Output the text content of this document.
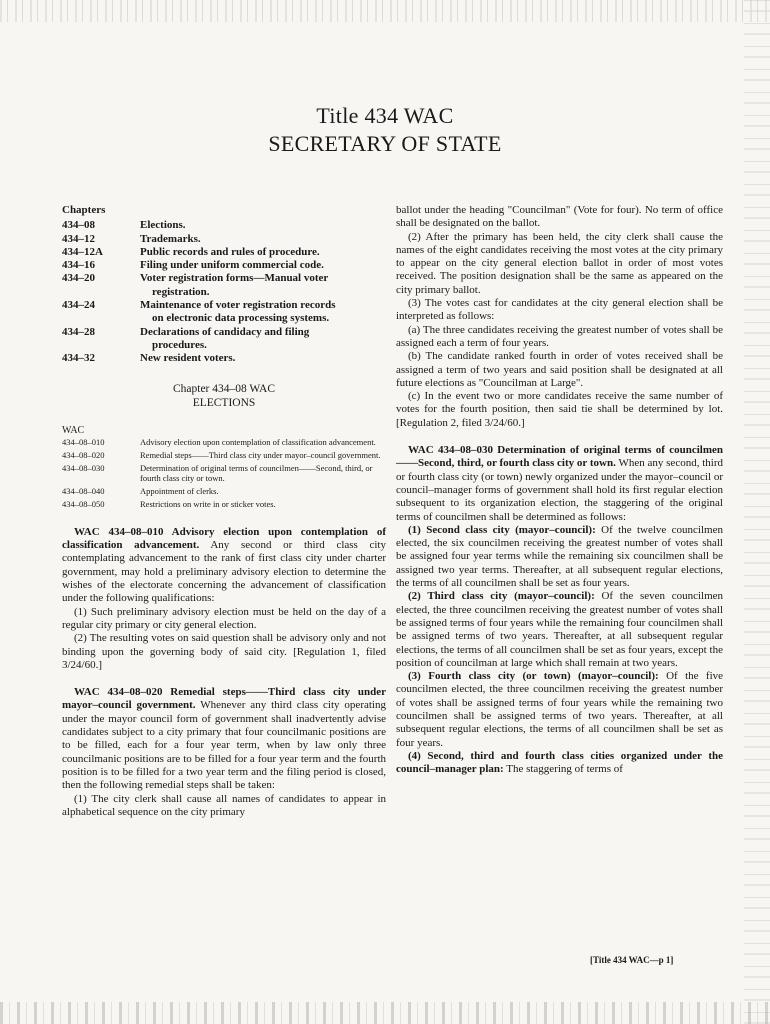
Title 434 WAC
SECRETARY OF STATE
Chapters
434–08	Elections.
434–12	Trademarks.
434–12A	Public records and rules of procedure.
434–16	Filing under uniform commercial code.
434–20	Voter registration forms—Manual voter
registration.
434–24	Maintenance of voter registration records
on electronic data processing systems.
434–28	Declarations of candidacy and filing
procedures.
434–32	New resident voters.
Chapter 434–08 WAC
ELECTIONS
WAC
434–08–010	Advisory election upon contemplation of classification advancement.
434–08–020	Remedial steps——Third class city under mayor–council government.
434–08–030	Determination of original terms of councilmen——Second, third, or fourth class city or town.
434–08–040	Appointment of clerks.
434–08–050	Restrictions on write in or sticker votes.

WAC 434–08–010 Advisory election upon contemplation of classification advancement. Any second or third class city contemplating advancement to the rank of first class city under charter government, may hold a preliminary advisory election to determine the wishes of the electorate concerning the advancement of classification under the following qualifications:

(1) Such preliminary advisory election must be held on the day of a regular city primary or city general election.

(2) The resulting votes on said question shall be advisory only and not binding upon the governing body of said city. [Regulation 1, filed 3/24/60.]

WAC 434–08–020 Remedial steps——Third class city under mayor–council government. Whenever any third class city operating under the mayor council form of government shall inadvertently advise candidates subject to a city primary that four councilmanic positions are to be filled, each for a four year term, when by law only three councilmanic positions are to be filled for a four year term and the fourth position is to be filled for a two year term and the filing period is closed, then the following remedial steps shall be taken:

(1) The city clerk shall cause all names of candidates to appear in alphabetical sequence on the city primary

ballot under the heading "Councilman" (Vote for four). No term of office shall be designated on the ballot.

(2) After the primary has been held, the city clerk shall cause the names of the eight candidates receiving the most votes at the city primary to appear on the city general election ballot in order of most votes received. The position designation shall be the same as appeared on the city primary ballot.

(3) The votes cast for candidates at the city general election shall be interpreted as follows:

(a) The three candidates receiving the greatest number of votes shall be assigned each a term of four years.

(b) The candidate ranked fourth in order of votes received shall be assigned a term of two years and said position shall be designated at all future elections as "Councilman at Large".

(c) In the event two or more candidates receive the same number of votes for the fourth position, then said tie shall be determined by lot. [Regulation 2, filed 3/24/60.]

WAC 434–08–030 Determination of original terms of councilmen——Second, third, or fourth class city or town. When any second, third or fourth class city (or town) newly organized under the mayor–council or council–manager forms of government shall hold its first regular election subsequent to its organization election, the staggering of the original terms of councilmen shall be determined as follows:

(1) Second class city (mayor–council): Of the twelve councilmen elected, the six councilmen receiving the greatest number of votes shall be assigned four year terms while the remaining six councilmen shall be assigned two year terms. Thereafter, at all subsequent regular elections, the terms of all councilmen shall be set as four years.

(2) Third class city (mayor–council): Of the seven councilmen elected, the three councilmen receiving the greatest number of votes shall be assigned terms of four years while the remaining four councilmen shall be assigned terms of two years. Thereafter, at all subsequent regular elections, the terms of all councilmen shall be set as four years, except the position of councilman at large which shall remain at two years.

(3) Fourth class city (or town) (mayor–council): Of the five councilmen elected, the three councilmen receiving the greatest number of votes shall be assigned terms of four years while the remaining two councilmen shall be assigned terms of two years. Thereafter, at all subsequent regular elections, the terms of all councilmen shall be set as four years.

(4) Second, third and fourth class cities organized under the council–manager plan: The staggering of terms of

[Title 434 WAC—p 1]
